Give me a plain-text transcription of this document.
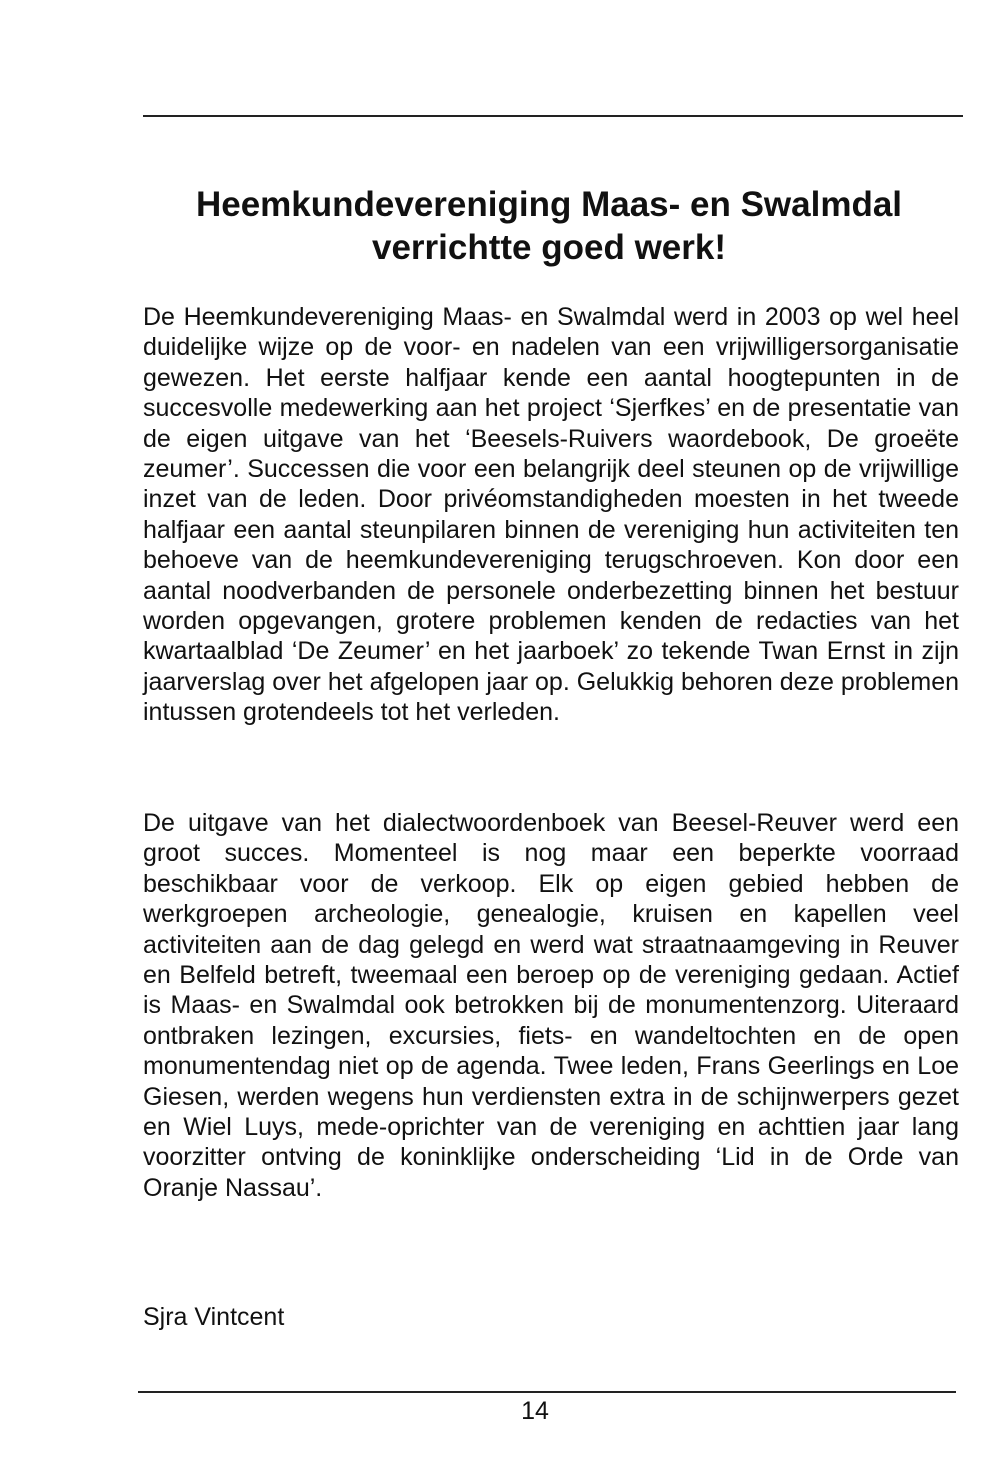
Heemkundevereniging Maas- en Swalmdal
verrichtte goed werk!

De Heemkundevereniging Maas- en Swalmdal werd in 2003 op wel heel duidelijke wijze op de voor- en nadelen van een vrijwilligersorganisatie gewezen. Het eerste halfjaar kende een aantal hoogtepunten in de succesvolle medewerking aan het project ‘Sjerfkes’ en de presentatie van de eigen uitgave van het ‘Beesels-Ruivers waordebook, De groeëte zeumer’. Successen die voor een belangrijk deel steunen op de vrijwillige inzet van de leden. Door privéomstandigheden moesten in het tweede halfjaar een aantal steunpilaren binnen de vereniging hun activiteiten ten behoeve van de heemkundevereniging terugschroeven. Kon door een aantal noodverbanden de personele onderbezetting binnen het bestuur worden opgevangen, grotere problemen kenden de redacties van het kwartaalblad ‘De Zeumer’ en het jaarboek’ zo tekende Twan Ernst in zijn jaarverslag over het afgelopen jaar op. Gelukkig behoren deze problemen intussen grotendeels tot het verleden.

De uitgave van het dialectwoordenboek van Beesel-Reuver werd een groot succes. Momenteel is nog maar een beperkte voorraad beschikbaar voor de verkoop. Elk op eigen gebied hebben de werkgroepen archeologie, genealogie, kruisen en kapellen veel activiteiten aan de dag gelegd en werd wat straatnaamgeving in Reuver en Belfeld betreft, tweemaal een beroep op de vereniging gedaan. Actief is Maas- en Swalmdal ook betrokken bij de monumentenzorg. Uiteraard ontbraken lezingen, excursies, fiets- en wandeltochten en de open monumentendag niet op de agenda. Twee leden, Frans Geerlings en Loe Giesen, werden wegens hun verdiensten extra in de schijnwerpers gezet en Wiel Luys, mede-oprichter van de vereniging en achttien jaar lang voorzitter ontving de koninklijke onderscheiding ‘Lid in de Orde van Oranje Nassau’.

Sjra Vintcent
14
